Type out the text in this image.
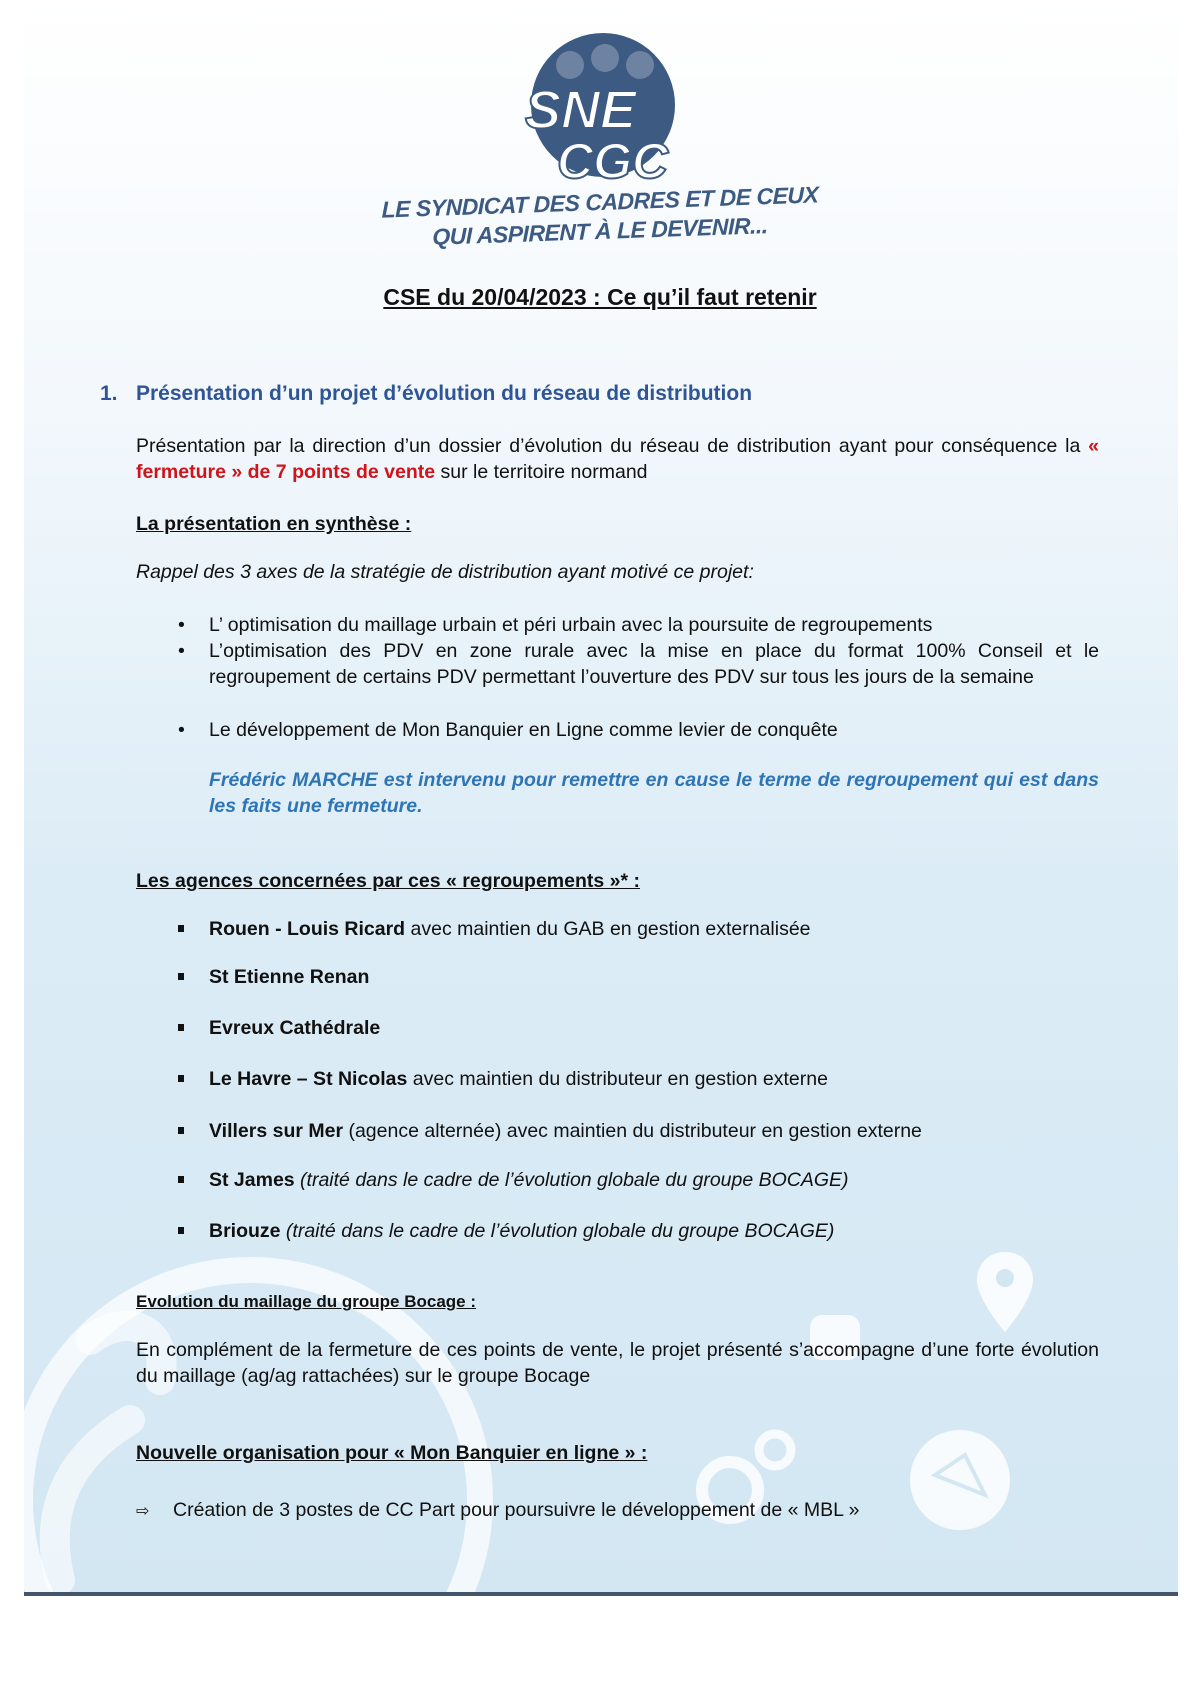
SNE
CGC
LE SYNDICAT DES CADRES ET DE CEUX
QUI ASPIRENT À LE DEVENIR...
CSE du 20/04/2023 : Ce qu’il faut retenir
1. Présentation d’un projet d’évolution du réseau de distribution
Présentation par la direction d’un dossier d’évolution du réseau de distribution ayant pour conséquence la « fermeture » de 7 points de vente sur le territoire normand
La présentation en synthèse :
Rappel des 3 axes de la stratégie de distribution ayant motivé ce projet:
• L’ optimisation du maillage urbain et péri urbain avec la poursuite de regroupements
• L’optimisation des PDV en zone rurale avec la mise en place du format 100% Conseil et le regroupement de certains PDV permettant l’ouverture des PDV sur tous les jours de la semaine
• Le développement de Mon Banquier en Ligne comme levier de conquête
Frédéric MARCHE est intervenu pour remettre en cause le terme de regroupement qui est dans les faits une fermeture.
Les agences concernées par ces « regroupements »* :
Rouen - Louis Ricard avec maintien du GAB en gestion externalisée
St Etienne Renan
Evreux Cathédrale
Le Havre – St Nicolas avec maintien du distributeur en gestion externe
Villers sur Mer (agence alternée) avec maintien du distributeur en gestion externe
St James (traité dans le cadre de l’évolution globale du groupe BOCAGE)
Briouze (traité dans le cadre de l’évolution globale du groupe BOCAGE)
Evolution du maillage du groupe Bocage :
En complément de la fermeture de ces points de vente, le projet présenté s’accompagne d’une forte évolution du maillage (ag/ag rattachées) sur le groupe Bocage
Nouvelle organisation pour « Mon Banquier en ligne » :
⇨ Création de 3 postes de CC Part pour poursuivre le développement de « MBL »
